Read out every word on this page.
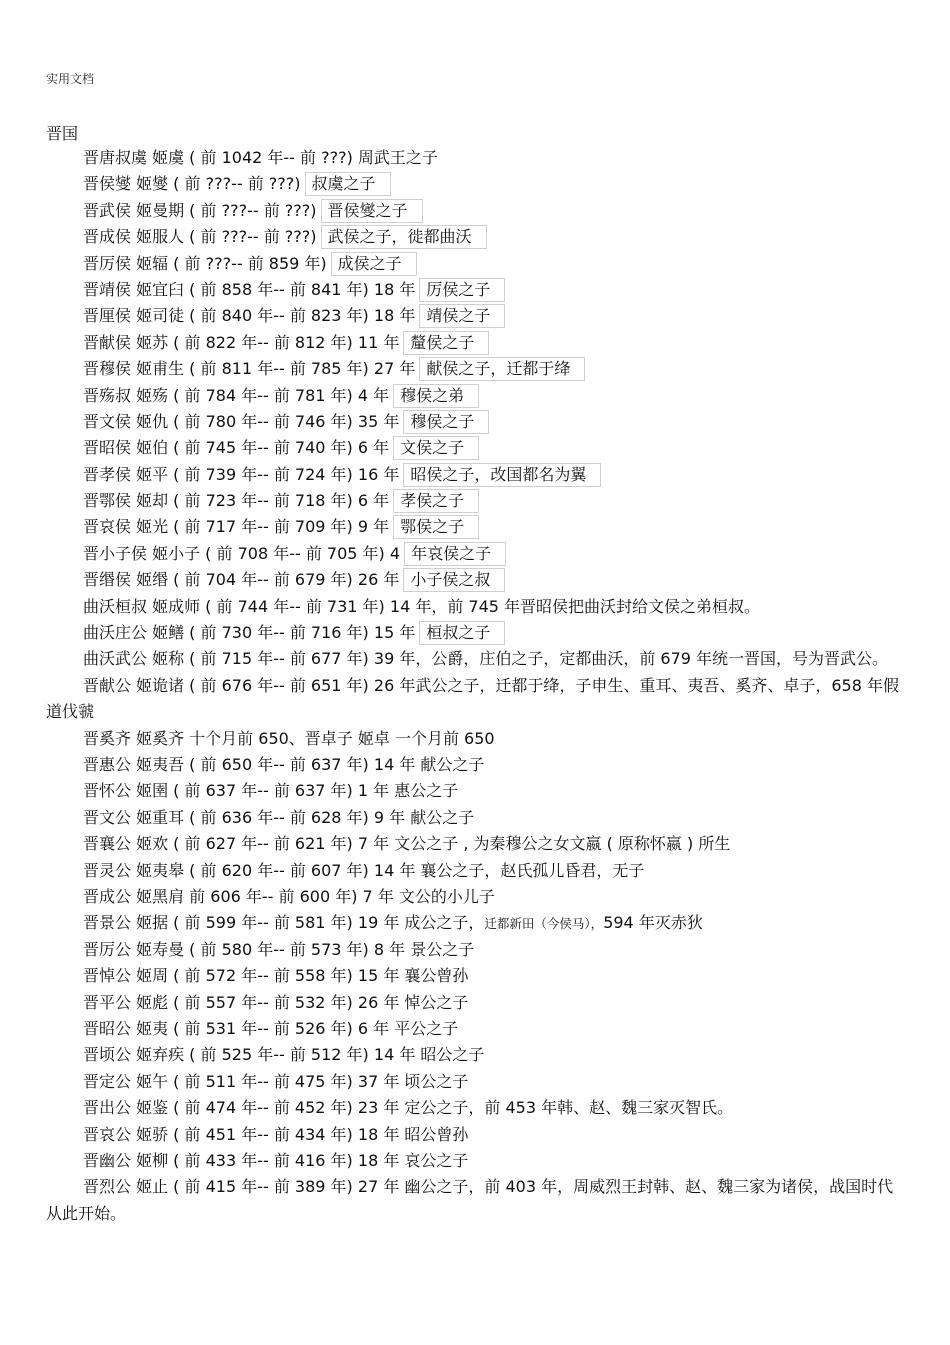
实用文档
晋国
晋唐叔虞 姬虞 ( 前 1042 年-- 前 ???) 周武王之子
晋侯燮 姬燮 ( 前 ???-- 前 ???) 叔虞之子
晋武侯 姬曼期 ( 前 ???-- 前 ???) 晋侯燮之子
晋成侯 姬服人 ( 前 ???-- 前 ???) 武侯之子，徙都曲沃
晋厉侯 姬辐 ( 前 ???-- 前 859 年) 成侯之子
晋靖侯 姬宜臼 ( 前 858 年-- 前 841 年) 18 年 厉侯之子
晋厘侯 姬司徒 ( 前 840 年-- 前 823 年) 18 年 靖侯之子
晋献侯 姬苏 ( 前 822 年-- 前 812 年) 11 年 釐侯之子
晋穆侯 姬甫生 ( 前 811 年-- 前 785 年) 27 年 献侯之子，迁都于绛
晋殇叔 姬殇 ( 前 784 年-- 前 781 年) 4 年 穆侯之弟
晋文侯 姬仇 ( 前 780 年-- 前 746 年) 35 年 穆侯之子
晋昭侯 姬伯 ( 前 745 年-- 前 740 年) 6 年 文侯之子
晋孝侯 姬平 ( 前 739 年-- 前 724 年) 16 年 昭侯之子，改国都名为翼
晋鄂侯 姬却 ( 前 723 年-- 前 718 年) 6 年 孝侯之子
晋哀侯 姬光 ( 前 717 年-- 前 709 年) 9 年 鄂侯之子
晋小子侯 姬小子 ( 前 708 年-- 前 705 年) 4 年哀侯之子
晋缗侯 姬缗 ( 前 704 年-- 前 679 年) 26 年 小子侯之叔
曲沃桓叔 姬成师 ( 前 744 年-- 前 731 年) 14 年，前 745 年晋昭侯把曲沃封给文侯之弟桓叔。
曲沃庄公 姬鳝 ( 前 730 年-- 前 716 年) 15 年 桓叔之子
曲沃武公 姬称 ( 前 715 年-- 前 677 年) 39 年，公爵，庄伯之子，定都曲沃，前 679 年统一晋国，号为晋武公。
晋献公 姬诡诸 ( 前 676 年-- 前 651 年) 26 年武公之子，迁都于绛，子申生、重耳、夷吾、奚齐、卓子，658 年假道伐虢
晋奚齐 姬奚齐 十个月前 650、晋卓子 姬卓 一个月前 650
晋惠公 姬夷吾 ( 前 650 年-- 前 637 年) 14 年 献公之子
晋怀公 姬圉 ( 前 637 年-- 前 637 年) 1 年 惠公之子
晋文公 姬重耳 ( 前 636 年-- 前 628 年) 9 年 献公之子
晋襄公 姬欢 ( 前 627 年-- 前 621 年) 7 年 文公之子 , 为秦穆公之女文嬴 ( 原称怀嬴 ) 所生
晋灵公 姬夷皋 ( 前 620 年-- 前 607 年) 14 年 襄公之子，赵氏孤儿昏君，无子
晋成公 姬黑肩 前 606 年-- 前 600 年) 7 年 文公的小儿子
晋景公 姬据 ( 前 599 年-- 前 581 年) 19 年 成公之子，迁都新田（今侯马），594 年灭赤狄
晋厉公 姬寿曼 ( 前 580 年-- 前 573 年) 8 年 景公之子
晋悼公 姬周 ( 前 572 年-- 前 558 年) 15 年 襄公曾孙
晋平公 姬彪 ( 前 557 年-- 前 532 年) 26 年 悼公之子
晋昭公 姬夷 ( 前 531 年-- 前 526 年) 6 年 平公之子
晋顷公 姬弃疾 ( 前 525 年-- 前 512 年) 14 年 昭公之子
晋定公 姬午 ( 前 511 年-- 前 475 年) 37 年 顷公之子
晋出公 姬鉴 ( 前 474 年-- 前 452 年) 23 年 定公之子，前 453 年韩、赵、魏三家灭智氏。
晋哀公 姬骄 ( 前 451 年-- 前 434 年) 18 年 昭公曾孙
晋幽公 姬柳 ( 前 433 年-- 前 416 年) 18 年 哀公之子
晋烈公 姬止 ( 前 415 年-- 前 389 年) 27 年 幽公之子，前 403 年，周威烈王封韩、赵、魏三家为诸侯，战国时代从此开始。
